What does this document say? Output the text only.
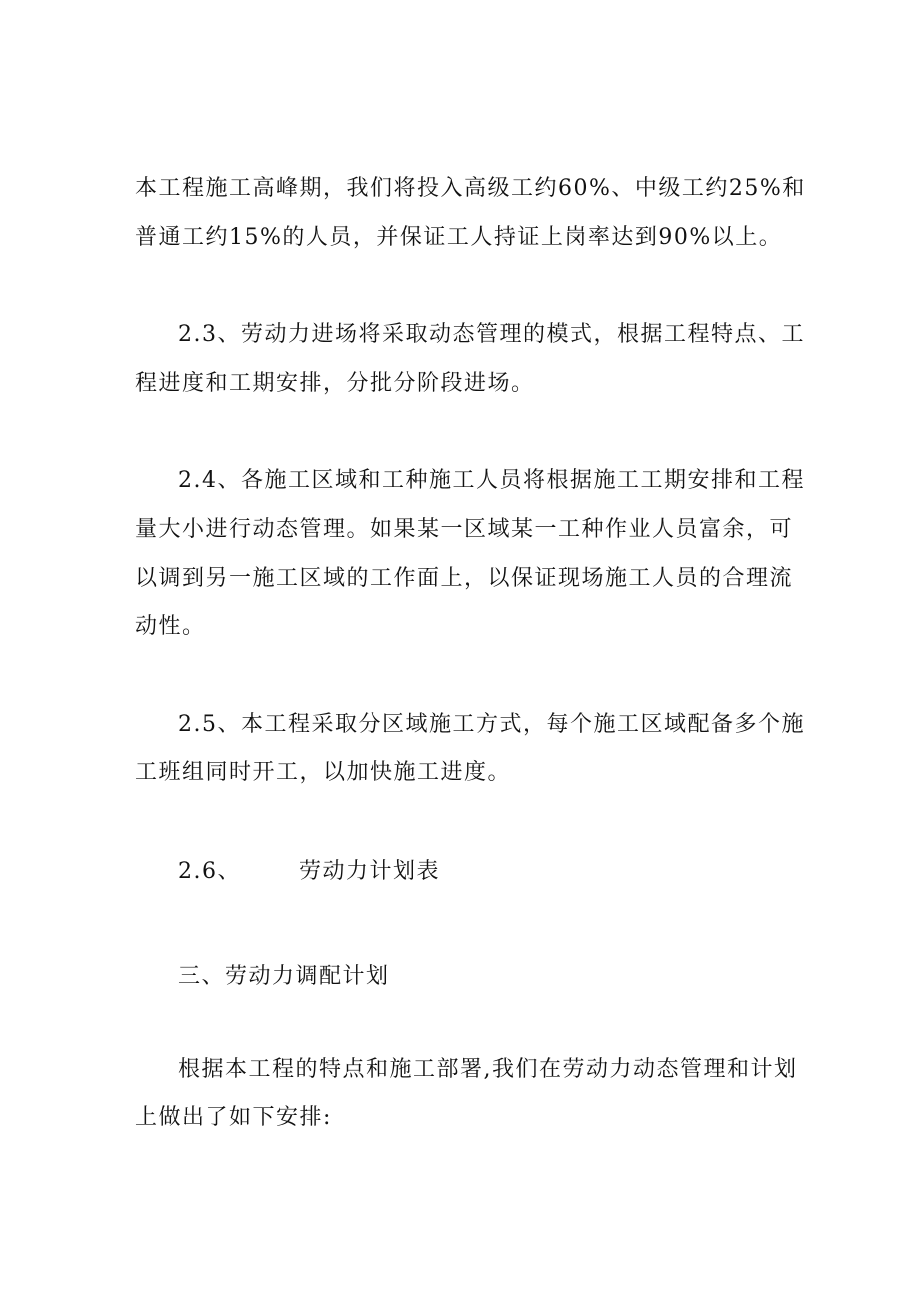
本工程施工高峰期，我们将投入高级工约60%、中级工约25%和
普通工约15%的人员，并保证工人持证上岗率达到90%以上。
2.3、劳动力进场将采取动态管理的模式，根据工程特点、工
程进度和工期安排，分批分阶段进场。
2.4、各施工区域和工种施工人员将根据施工工期安排和工程
量大小进行动态管理。如果某一区域某一工种作业人员富余，可
以调到另一施工区域的工作面上，以保证现场施工人员的合理流
动性。
2.5、本工程采取分区域施工方式，每个施工区域配备多个施
工班组同时开工，以加快施工进度。
2.6、	劳动力计划表
三、劳动力调配计划
根据本工程的特点和施工部署,我们在劳动力动态管理和计划
上做出了如下安排:
